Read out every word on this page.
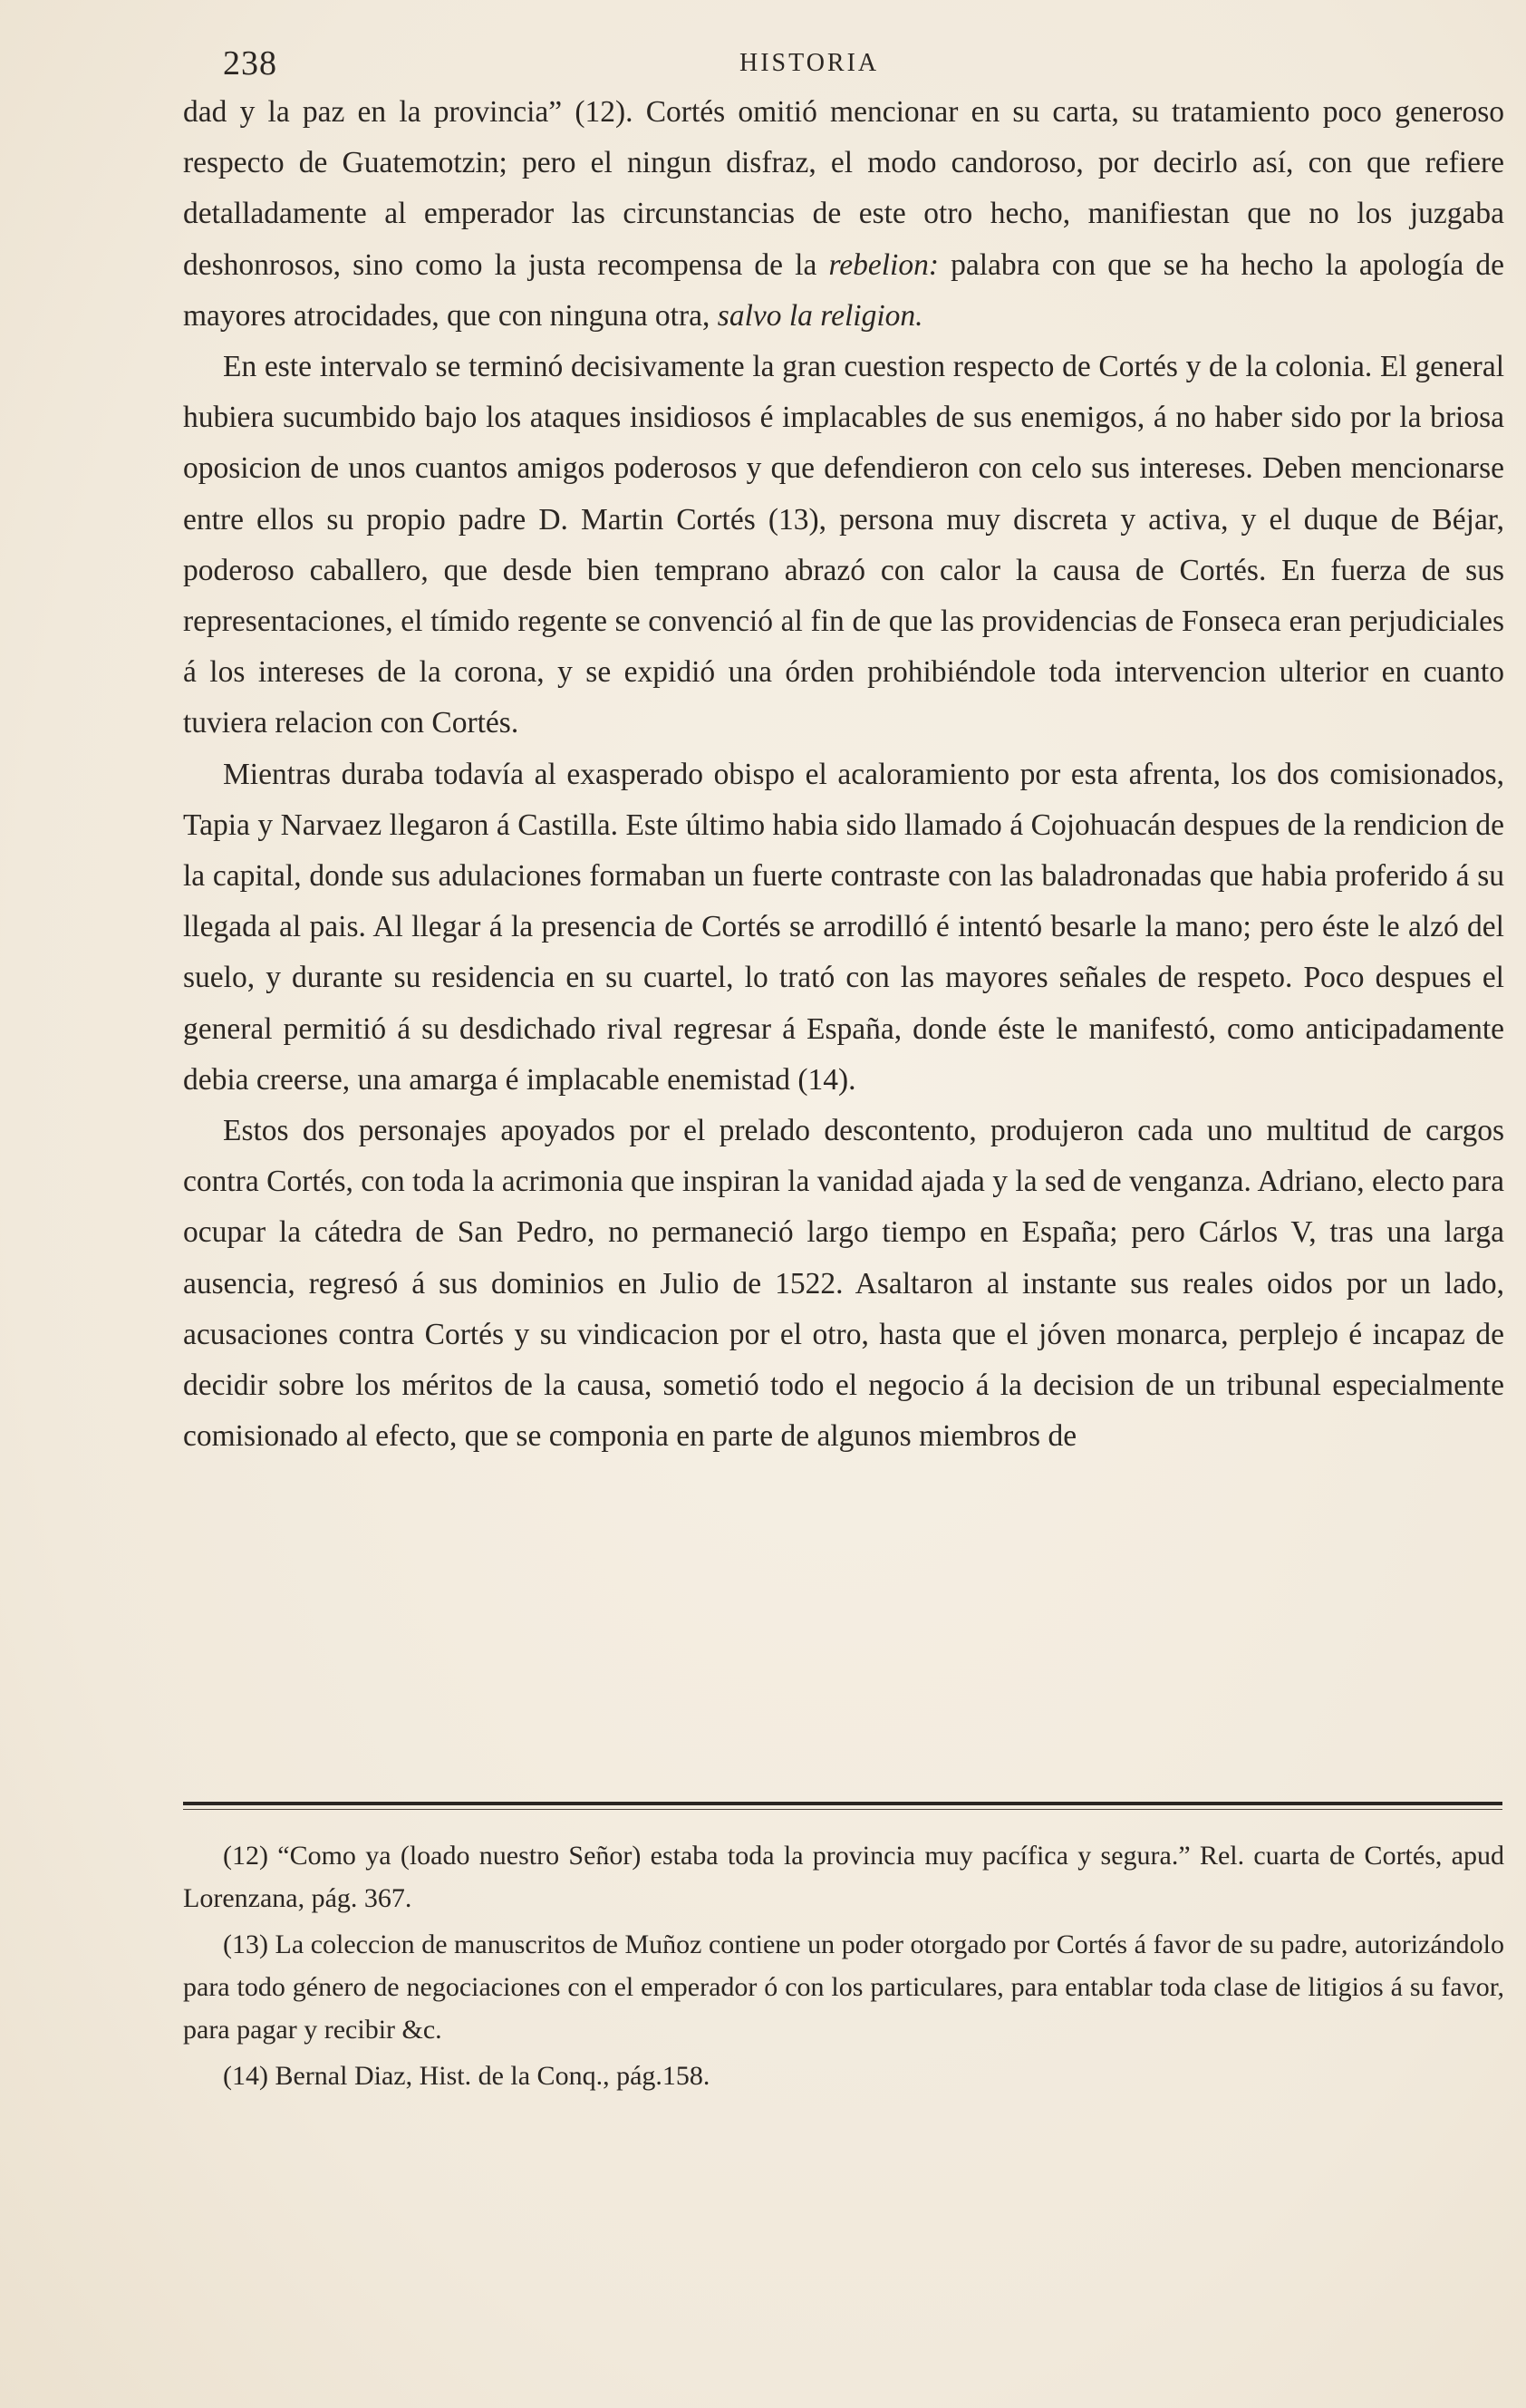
238	HISTORIA

dad y la paz en la provincia” (12). Cortés omitió mencionar en su carta, su tratamiento poco generoso respecto de Guatemotzin; pero el ningun disfraz, el modo candoroso, por decirlo así, con que refiere detalladamente al emperador las circunstancias de este otro hecho, manifiestan que no los juzgaba deshonrosos, sino como la justa recompensa de la rebelion: palabra con que se ha hecho la apología de mayores atrocidades, que con ninguna otra, salvo la religion.

En este intervalo se terminó decisivamente la gran cuestion respecto de Cortés y de la colonia. El general hubiera sucumbido bajo los ataques insidiosos é implacables de sus enemigos, á no haber sido por la briosa oposicion de unos cuantos amigos poderosos y que defendieron con celo sus intereses. Deben mencionarse entre ellos su propio padre D. Martin Cortés (13), persona muy discreta y activa, y el duque de Béjar, poderoso caballero, que desde bien temprano abrazó con calor la causa de Cortés. En fuerza de sus representaciones, el tímido regente se convenció al fin de que las providencias de Fonseca eran perjudiciales á los intereses de la corona, y se expidió una órden prohibiéndole toda intervencion ulterior en cuanto tuviera relacion con Cortés.

Mientras duraba todavía al exasperado obispo el acaloramiento por esta afrenta, los dos comisionados, Tapia y Narvaez llegaron á Castilla. Este último habia sido llamado á Cojohuacán despues de la rendicion de la capital, donde sus adulaciones formaban un fuerte contraste con las baladronadas que habia proferido á su llegada al pais. Al llegar á la presencia de Cortés se arrodilló é intentó besarle la mano; pero éste le alzó del suelo, y durante su residencia en su cuartel, lo trató con las mayores señales de respeto. Poco despues el general permitió á su desdichado rival regresar á España, donde éste le manifestó, como anticipadamente debia creerse, una amarga é implacable enemistad (14).

Estos dos personajes apoyados por el prelado descontento, produjeron cada uno multitud de cargos contra Cortés, con toda la acrimonia que inspiran la vanidad ajada y la sed de venganza. Adriano, electo para ocupar la cátedra de San Pedro, no permaneció largo tiempo en España; pero Cárlos V, tras una larga ausencia, regresó á sus dominios en Julio de 1522. Asaltaron al instante sus reales oidos por un lado, acusaciones contra Cortés y su vindicacion por el otro, hasta que el jóven monarca, perplejo é incapaz de decidir sobre los méritos de la causa, sometió todo el negocio á la decision de un tribunal especialmente comisionado al efecto, que se componia en parte de algunos miembros de

(12) “Como ya (loado nuestro Señor) estaba toda la provincia muy pacífica y segura.” Rel. cuarta de Cortés, apud Lorenzana, pág. 367.

(13) La coleccion de manuscritos de Muñoz contiene un poder otorgado por Cortés á favor de su padre, autorizándolo para todo género de negociaciones con el emperador ó con los particulares, para entablar toda clase de litigios á su favor, para pagar y recibir &c.

(14) Bernal Diaz, Hist. de la Conq., pág.158.
